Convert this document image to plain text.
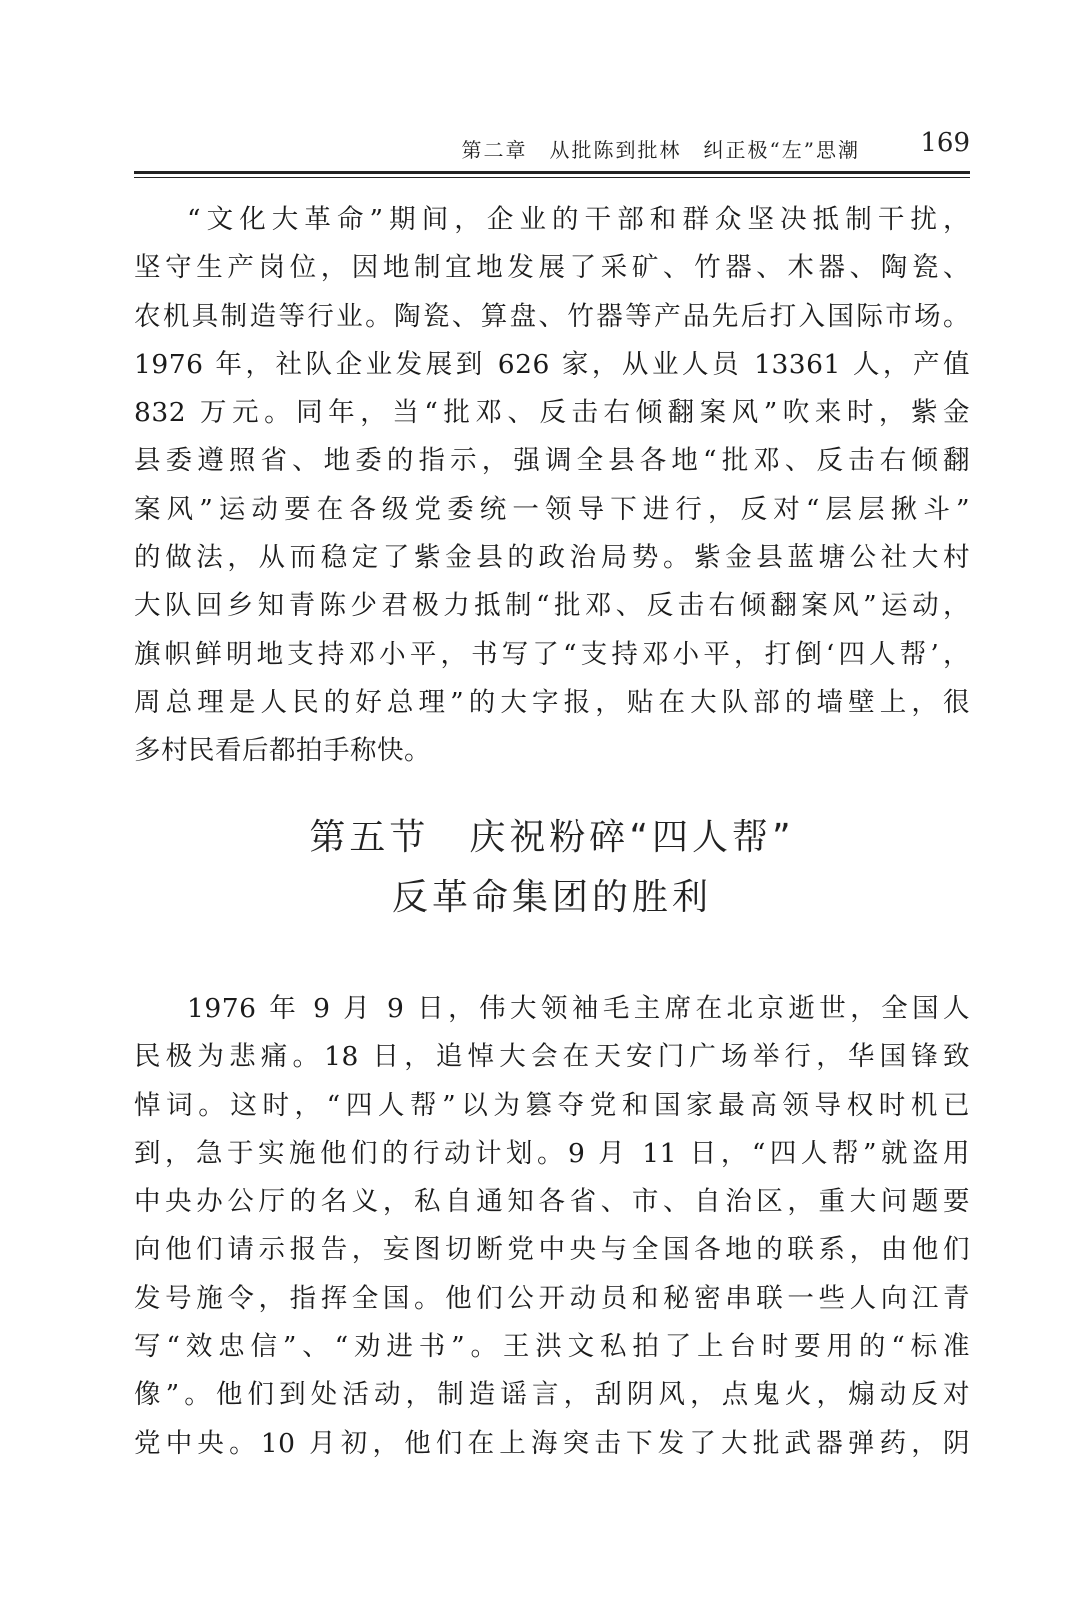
第二章　从批陈到批林　纠正极“左”思潮 169
“文化大革命”期间，企业的干部和群众坚决抵制干扰，
坚守生产岗位，因地制宜地发展了采矿、竹器、木器、陶瓷、
农机具制造等行业。陶瓷、算盘、竹器等产品先后打入国际市场。
1976 年，社队企业发展到 626 家，从业人员 13361 人，产值
832 万元。同年，当“批邓、反击右倾翻案风”吹来时，紫金
县委遵照省、地委的指示，强调全县各地“批邓、反击右倾翻
案风”运动要在各级党委统一领导下进行，反对“层层揪斗”
的做法，从而稳定了紫金县的政治局势。紫金县蓝塘公社大村
大队回乡知青陈少君极力抵制“批邓、反击右倾翻案风”运动，
旗帜鲜明地支持邓小平，书写了“支持邓小平，打倒‘四人帮’，
周总理是人民的好总理”的大字报，贴在大队部的墙壁上，很
多村民看后都拍手称快。
第五节　庆祝粉碎“四人帮”
反革命集团的胜利
1976 年 9 月 9 日，伟大领袖毛主席在北京逝世，全国人
民极为悲痛。18 日，追悼大会在天安门广场举行，华国锋致
悼词。这时，“四人帮”以为篡夺党和国家最高领导权时机已
到，急于实施他们的行动计划。9 月 11 日，“四人帮”就盗用
中央办公厅的名义，私自通知各省、市、自治区，重大问题要
向他们请示报告，妄图切断党中央与全国各地的联系，由他们
发号施令，指挥全国。他们公开动员和秘密串联一些人向江青
写“效忠信”、“劝进书”。王洪文私拍了上台时要用的“标准
像”。他们到处活动，制造谣言，刮阴风，点鬼火，煽动反对
党中央。10 月初，他们在上海突击下发了大批武器弹药，阴
